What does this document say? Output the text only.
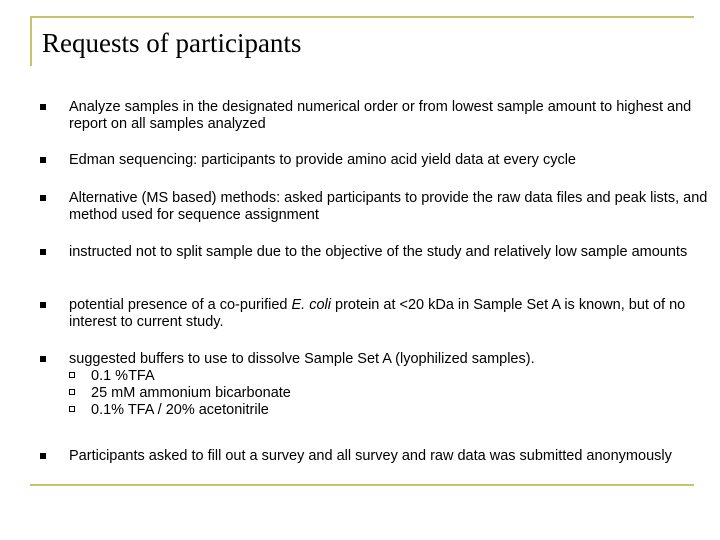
Requests of participants
Analyze samples in the designated numerical order or from lowest sample amount to highest and report on all samples analyzed
Edman sequencing: participants to provide amino acid yield data at every cycle
Alternative (MS based) methods: asked participants to provide the raw data files and peak lists, and method used for sequence assignment
instructed not to split sample due to the objective of the study and relatively low sample amounts
potential presence of a co-purified E. coli protein at <20 kDa in Sample Set A is known, but of no interest to current study.
suggested buffers to use to dissolve Sample Set A (lyophilized samples).
0.1 %TFA
25 mM ammonium bicarbonate
0.1% TFA / 20% acetonitrile
Participants asked to fill out a survey and all survey and raw data was submitted anonymously
